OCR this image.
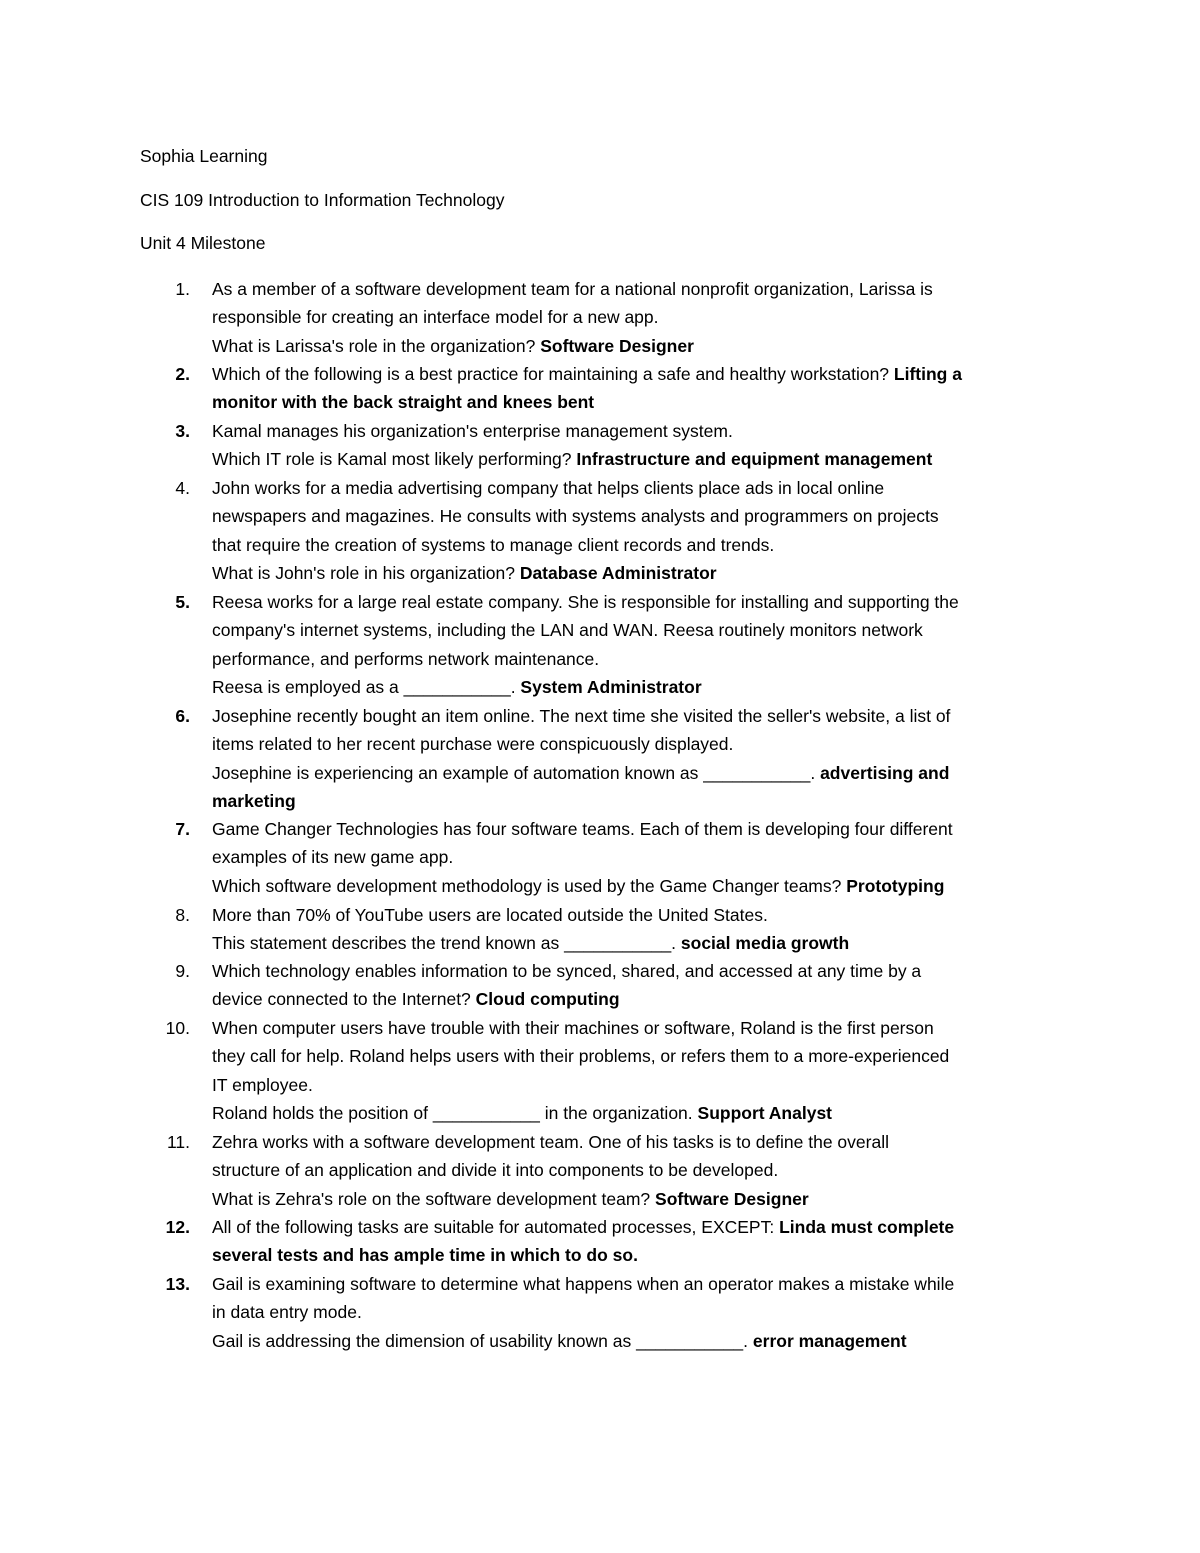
Sophia Learning
CIS 109 Introduction to Information Technology
Unit 4 Milestone
1. As a member of a software development team for a national nonprofit organization, Larissa is
responsible for creating an interface model for a new app.
What is Larissa's role in the organization? Software Designer
2. Which of the following is a best practice for maintaining a safe and healthy workstation? Lifting a
monitor with the back straight and knees bent
3. Kamal manages his organization's enterprise management system.
Which IT role is Kamal most likely performing? Infrastructure and equipment management
4. John works for a media advertising company that helps clients place ads in local online
newspapers and magazines. He consults with systems analysts and programmers on projects
that require the creation of systems to manage client records and trends.
What is John's role in his organization? Database Administrator
5. Reesa works for a large real estate company. She is responsible for installing and supporting the
company's internet systems, including the LAN and WAN. Reesa routinely monitors network
performance, and performs network maintenance.
Reesa is employed as a ___________. System Administrator
6. Josephine recently bought an item online. The next time she visited the seller's website, a list of
items related to her recent purchase were conspicuously displayed.
Josephine is experiencing an example of automation known as ___________. advertising and
marketing
7. Game Changer Technologies has four software teams. Each of them is developing four different
examples of its new game app.
Which software development methodology is used by the Game Changer teams? Prototyping
8. More than 70% of YouTube users are located outside the United States.
This statement describes the trend known as ___________. social media growth
9. Which technology enables information to be synced, shared, and accessed at any time by a
device connected to the Internet? Cloud computing
10. When computer users have trouble with their machines or software, Roland is the first person
they call for help. Roland helps users with their problems, or refers them to a more-experienced
IT employee.
Roland holds the position of ___________ in the organization. Support Analyst
11. Zehra works with a software development team. One of his tasks is to define the overall
structure of an application and divide it into components to be developed.
What is Zehra's role on the software development team? Software Designer
12. All of the following tasks are suitable for automated processes, EXCEPT: Linda must complete
several tests and has ample time in which to do so.
13. Gail is examining software to determine what happens when an operator makes a mistake while
in data entry mode.
Gail is addressing the dimension of usability known as ___________. error management
